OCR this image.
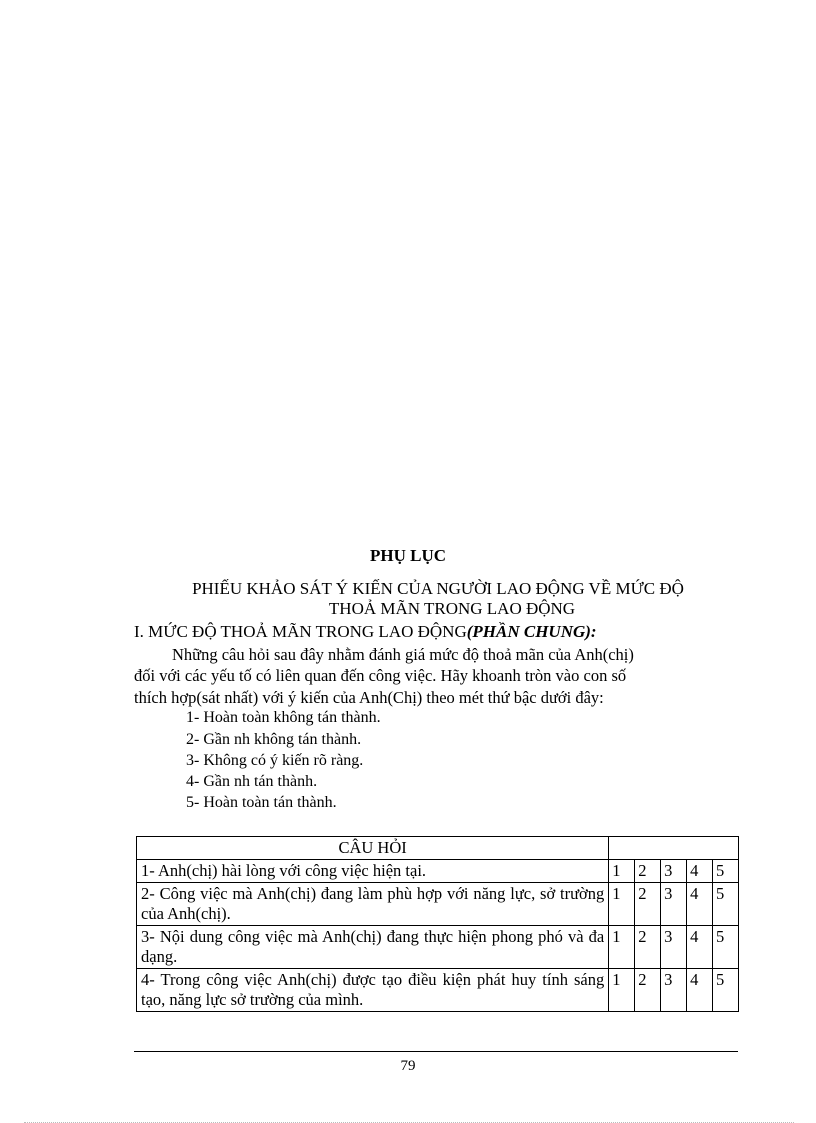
PHỤ LỤC

PHIẾU KHẢO SÁT Ý KIẾN CỦA NGƯỜI LAO ĐỘNG VỀ MỨC ĐỘ

THOẢ MÃN TRONG LAO ĐỘNG

I. MỨC ĐỘ THOẢ MÃN TRONG LAO ĐỘNG(PHẦN CHUNG):

Những câu hỏi sau đây nhằm đánh giá mức độ thoả mãn của Anh(chị)

đối với các yếu tố có liên quan đến công việc. Hãy khoanh tròn vào con số

thích hợp(sát nhất) với ý kiến của Anh(Chị) theo mét thứ bậc dưới đây:

1- Hoàn toàn không tán thành.

2- Gần nh không tán thành.

3- Không có ý kiến rõ ràng.

4- Gần nh tán thành.

5- Hoàn toàn tán thành.

CÂU HỎI					
1- Anh(chị) hài lòng với công việc hiện tại.	1	2	3	4	5
2- Công việc mà Anh(chị) đang làm phù hợp với năng lực, sở trường của Anh(chị).	1	2	3	4	5
3- Nội dung công việc mà Anh(chị) đang thực hiện phong phó và đa dạng.	1	2	3	4	5
4- Trong công việc Anh(chị) được tạo điều kiện phát huy tính sáng tạo, năng lực sở trường của mình.	1	2	3	4	5
79
